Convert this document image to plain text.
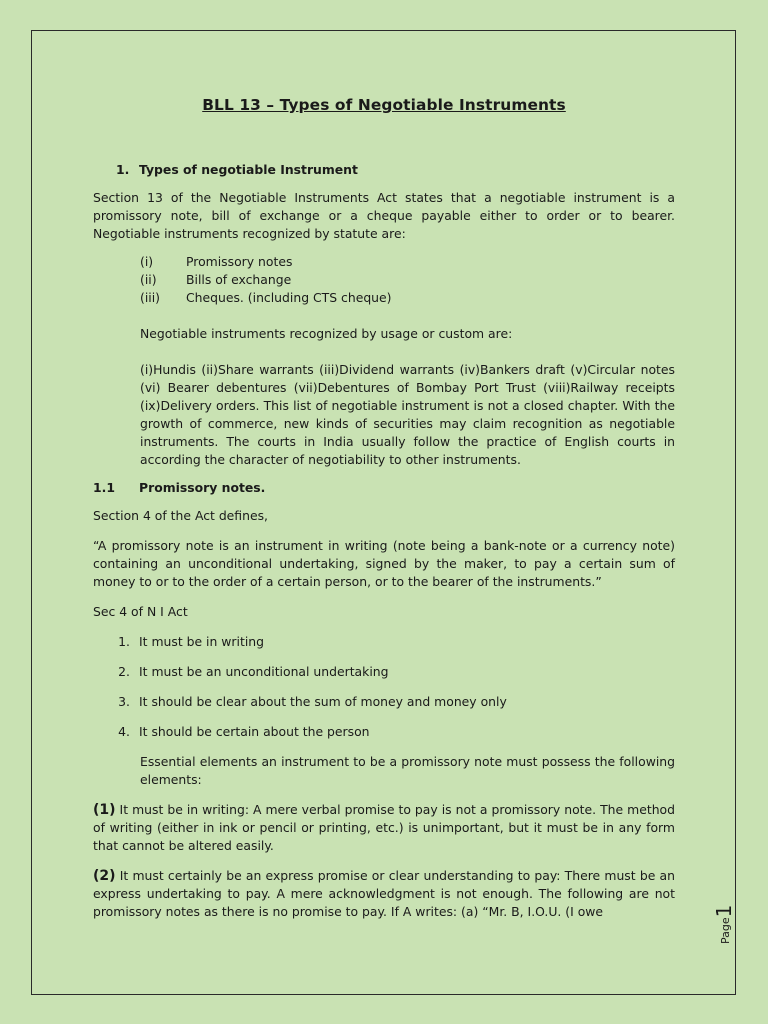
BLL 13 – Types of Negotiable Instruments
1. Types of negotiable Instrument

Section 13 of the Negotiable Instruments Act states that a negotiable instrument is a promissory note, bill of exchange or a cheque payable either to order or to bearer. Negotiable instruments recognized by statute are:

(i)	Promissory notes
(ii)	Bills of exchange
(iii)	Cheques. (including CTS cheque)

Negotiable instruments recognized by usage or custom are:

(i)Hundis (ii)Share warrants (iii)Dividend warrants (iv)Bankers draft (v)Circular notes (vi) Bearer debentures (vii)Debentures of Bombay Port Trust (viii)Railway receipts (ix)Delivery orders. This list of negotiable instrument is not a closed chapter. With the growth of commerce, new kinds of securities may claim recognition as negotiable instruments. The courts in India usually follow the practice of English courts in according the character of negotiability to other instruments.

1.1 Promissory notes.

Section 4 of the Act defines,

“A promissory note is an instrument in writing (note being a bank-note or a currency note) containing an unconditional undertaking, signed by the maker, to pay a certain sum of money to or to the order of a certain person, or to the bearer of the instruments.”

Sec 4 of N I Act

1. It must be in writing
2. It must be an unconditional undertaking
3. It should be clear about the sum of money and money only
4. It should be certain about the person

Essential elements an instrument to be a promissory note must possess the following elements:

(1) It must be in writing: A mere verbal promise to pay is not a promissory note. The method of writing (either in ink or pencil or printing, etc.) is unimportant, but it must be in any form that cannot be altered easily.

(2) It must certainly be an express promise or clear understanding to pay: There must be an express undertaking to pay. A mere acknowledgment is not enough. The following are not promissory notes as there is no promise to pay. If A writes: (a) “Mr. B, I.O.U. (I owe

Page1
